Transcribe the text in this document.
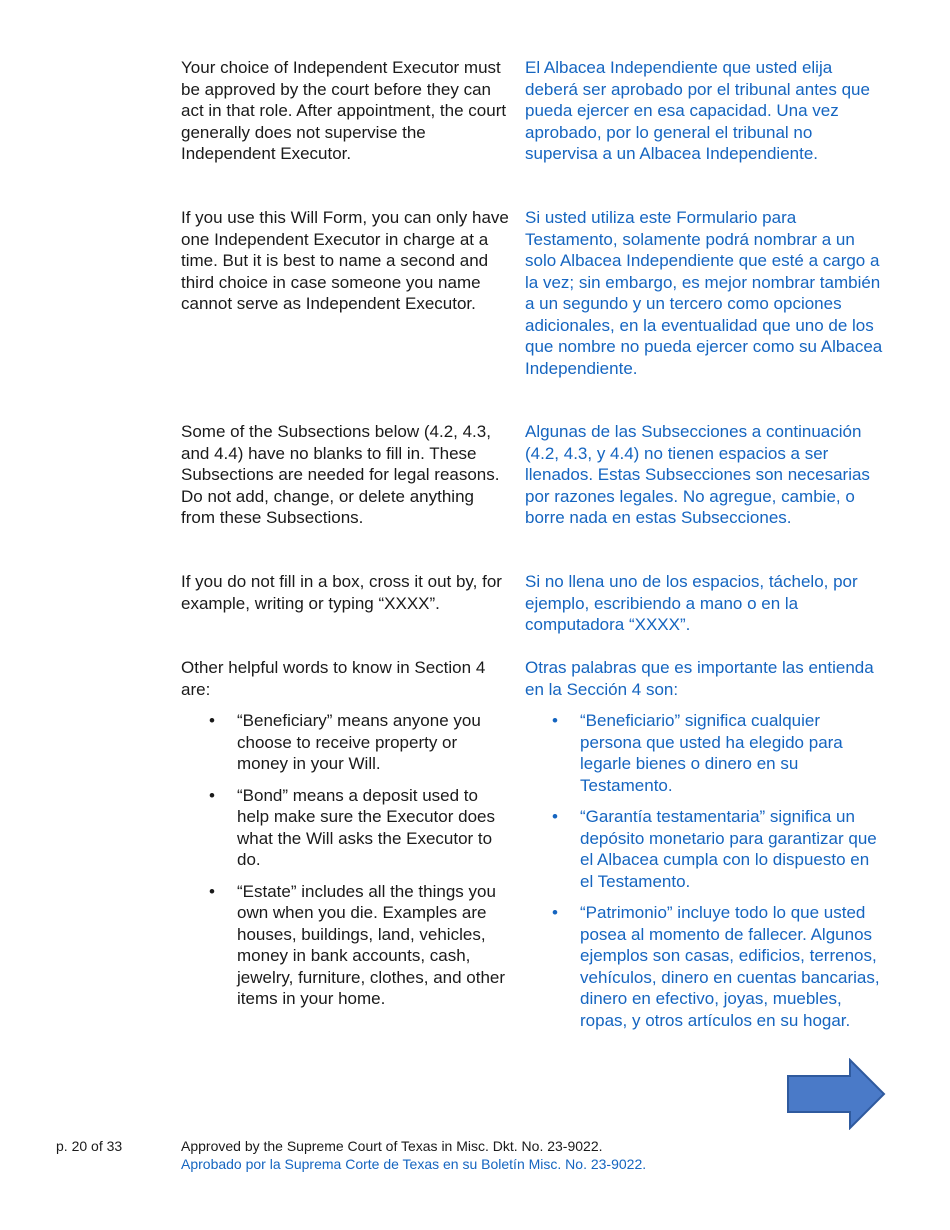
Your choice of Independent Executor must be approved by the court before they can act in that role. After appointment, the court generally does not supervise the Independent Executor.

If you use this Will Form, you can only have one Independent Executor in charge at a time. But it is best to name a second and third choice in case someone you name cannot serve as Independent Executor.

Some of the Subsections below (4.2, 4.3, and 4.4) have no blanks to fill in. These Subsections are needed for legal reasons. Do not add, change, or delete anything from these Subsections.

If you do not fill in a box, cross it out by, for example, writing or typing “XXXX”.

Other helpful words to know in Section 4 are:

• “Beneficiary” means anyone you choose to receive property or money in your Will.
• “Bond” means a deposit used to help make sure the Executor does what the Will asks the Executor to do.
• “Estate” includes all the things you own when you die. Examples are houses, buildings, land, vehicles, money in bank accounts, cash, jewelry, furniture, clothes, and other items in your home.

El Albacea Independiente que usted elija deberá ser aprobado por el tribunal antes que pueda ejercer en esa capacidad. Una vez aprobado, por lo general el tribunal no supervisa a un Albacea Independiente.

Si usted utiliza este Formulario para Testamento, solamente podrá nombrar a un solo Albacea Independiente que esté a cargo a la vez; sin embargo, es mejor nombrar también a un segundo y un tercero como opciones adicionales, en la eventualidad que uno de los que nombre no pueda ejercer como su Albacea Independiente.

Algunas de las Subsecciones a continuación (4.2, 4.3, y 4.4) no tienen espacios a ser llenados. Estas Subsecciones son necesarias por razones legales. No agregue, cambie, o borre nada en estas Subsecciones.

Si no llena uno de los espacios, táchelo, por ejemplo, escribiendo a mano o en la computadora “XXXX”.

Otras palabras que es importante las entienda en la Sección 4 son:

• “Beneficiario” significa cualquier persona que usted ha elegido para legarle bienes o dinero en su Testamento.
• “Garantía testamentaria” significa un depósito monetario para garantizar que el Albacea cumpla con lo dispuesto en el Testamento.
• “Patrimonio” incluye todo lo que usted posea al momento de fallecer. Algunos ejemplos son casas, edificios, terrenos, vehículos, dinero en cuentas bancarias, dinero en efectivo, joyas, muebles, ropas, y otros artículos en su hogar.
p. 20 of 33	Approved by the Supreme Court of Texas in Misc. Dkt. No. 23-9022.
Aprobado por la Suprema Corte de Texas en su Boletín Misc. No. 23-9022.
